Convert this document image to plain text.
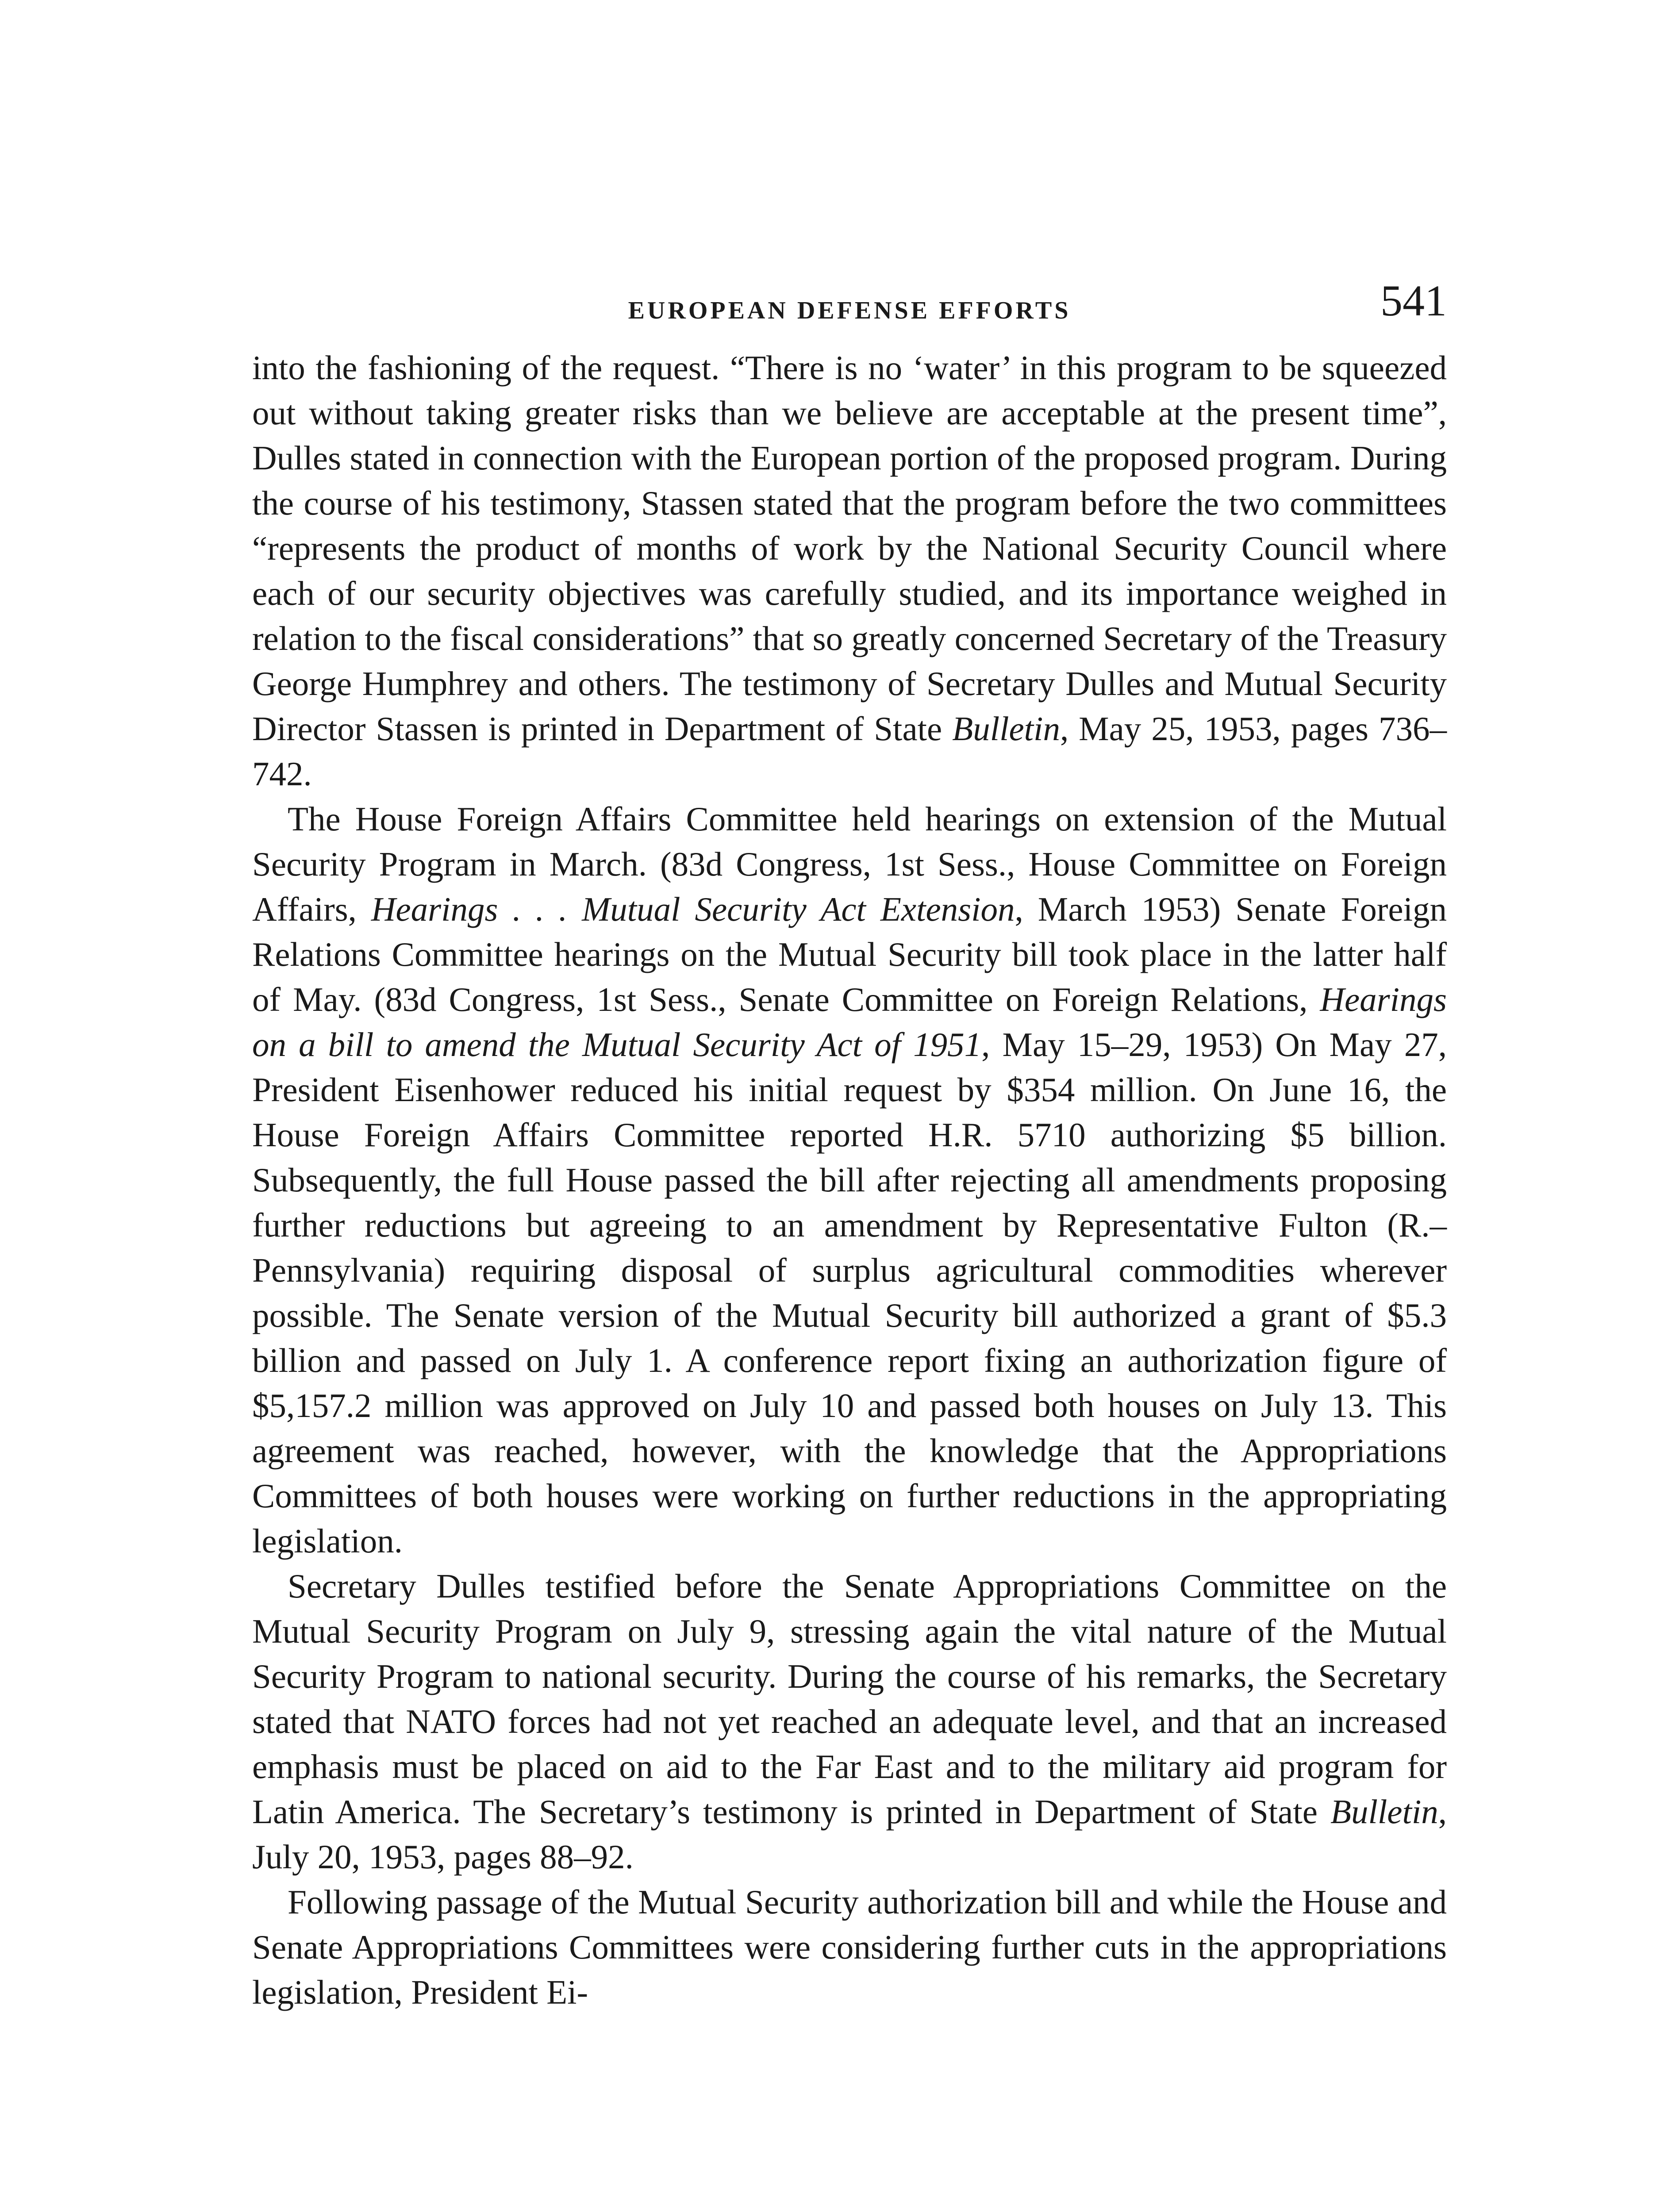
EUROPEAN DEFENSE EFFORTS	541

into the fashioning of the request. “There is no ‘water’ in this program to be squeezed out without taking greater risks than we believe are acceptable at the present time”, Dulles stated in connection with the European portion of the proposed program. During the course of his testimony, Stassen stated that the program before the two committees “represents the product of months of work by the National Security Council where each of our security objectives was carefully studied, and its importance weighed in relation to the fiscal considerations” that so greatly concerned Secretary of the Treasury George Humphrey and others. The testimony of Secretary Dulles and Mutual Security Director Stassen is printed in Department of State Bulletin, May 25, 1953, pages 736–742.

The House Foreign Affairs Committee held hearings on extension of the Mutual Security Program in March. (83d Congress, 1st Sess., House Committee on Foreign Affairs, Hearings . . . Mutual Security Act Extension, March 1953) Senate Foreign Relations Committee hearings on the Mutual Security bill took place in the latter half of May. (83d Congress, 1st Sess., Senate Committee on Foreign Relations, Hearings on a bill to amend the Mutual Security Act of 1951, May 15–29, 1953) On May 27, President Eisenhower reduced his initial request by $354 million. On June 16, the House Foreign Affairs Committee reported H.R. 5710 authorizing $5 billion. Subsequently, the full House passed the bill after rejecting all amendments proposing further reductions but agreeing to an amendment by Representative Fulton (R.–Pennsylvania) requiring disposal of surplus agricultural commodities wherever possible. The Senate version of the Mutual Security bill authorized a grant of $5.3 billion and passed on July 1. A conference report fixing an authorization figure of $5,157.2 million was approved on July 10 and passed both houses on July 13. This agreement was reached, however, with the knowledge that the Appropriations Committees of both houses were working on further reductions in the appropriating legislation.

Secretary Dulles testified before the Senate Appropriations Committee on the Mutual Security Program on July 9, stressing again the vital nature of the Mutual Security Program to national security. During the course of his remarks, the Secretary stated that NATO forces had not yet reached an adequate level, and that an increased emphasis must be placed on aid to the Far East and to the military aid program for Latin America. The Secretary’s testimony is printed in Department of State Bulletin, July 20, 1953, pages 88–92.

Following passage of the Mutual Security authorization bill and while the House and Senate Appropriations Committees were considering further cuts in the appropriations legislation, President Ei-
